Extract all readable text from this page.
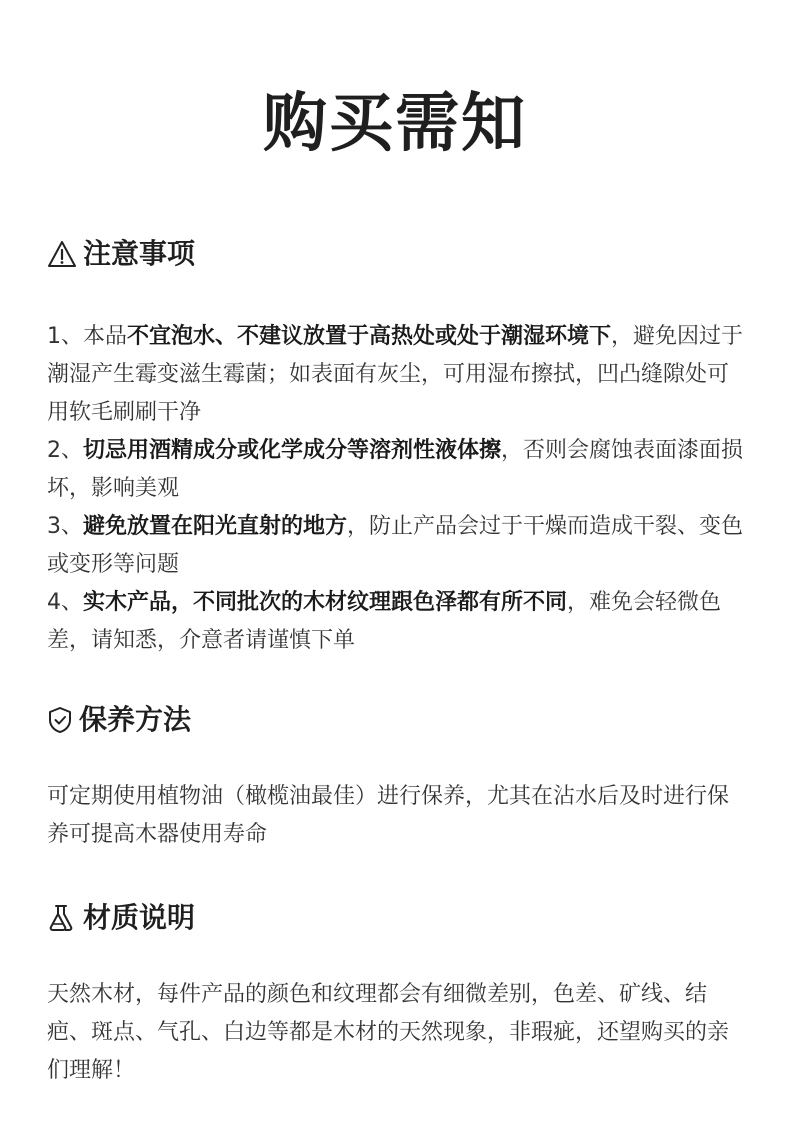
购买需知
注意事项

1、本品不宜泡水、不建议放置于高热处或处于潮湿环境下，避免因过于潮湿产生霉变滋生霉菌；如表面有灰尘，可用湿布擦拭，凹凸缝隙处可用软毛刷刷干净

2、切忌用酒精成分或化学成分等溶剂性液体擦，否则会腐蚀表面漆面损坏，影响美观

3、避免放置在阳光直射的地方，防止产品会过于干燥而造成干裂、变色或变形等问题

4、实木产品，不同批次的木材纹理跟色泽都有所不同，难免会轻微色差，请知悉，介意者请谨慎下单

保养方法

可定期使用植物油（橄榄油最佳）进行保养，尤其在沾水后及时进行保养可提高木器使用寿命

材质说明

天然木材，每件产品的颜色和纹理都会有细微差别，色差、矿线、结疤、斑点、气孔、白边等都是木材的天然现象，非瑕疵，还望购买的亲们理解！
